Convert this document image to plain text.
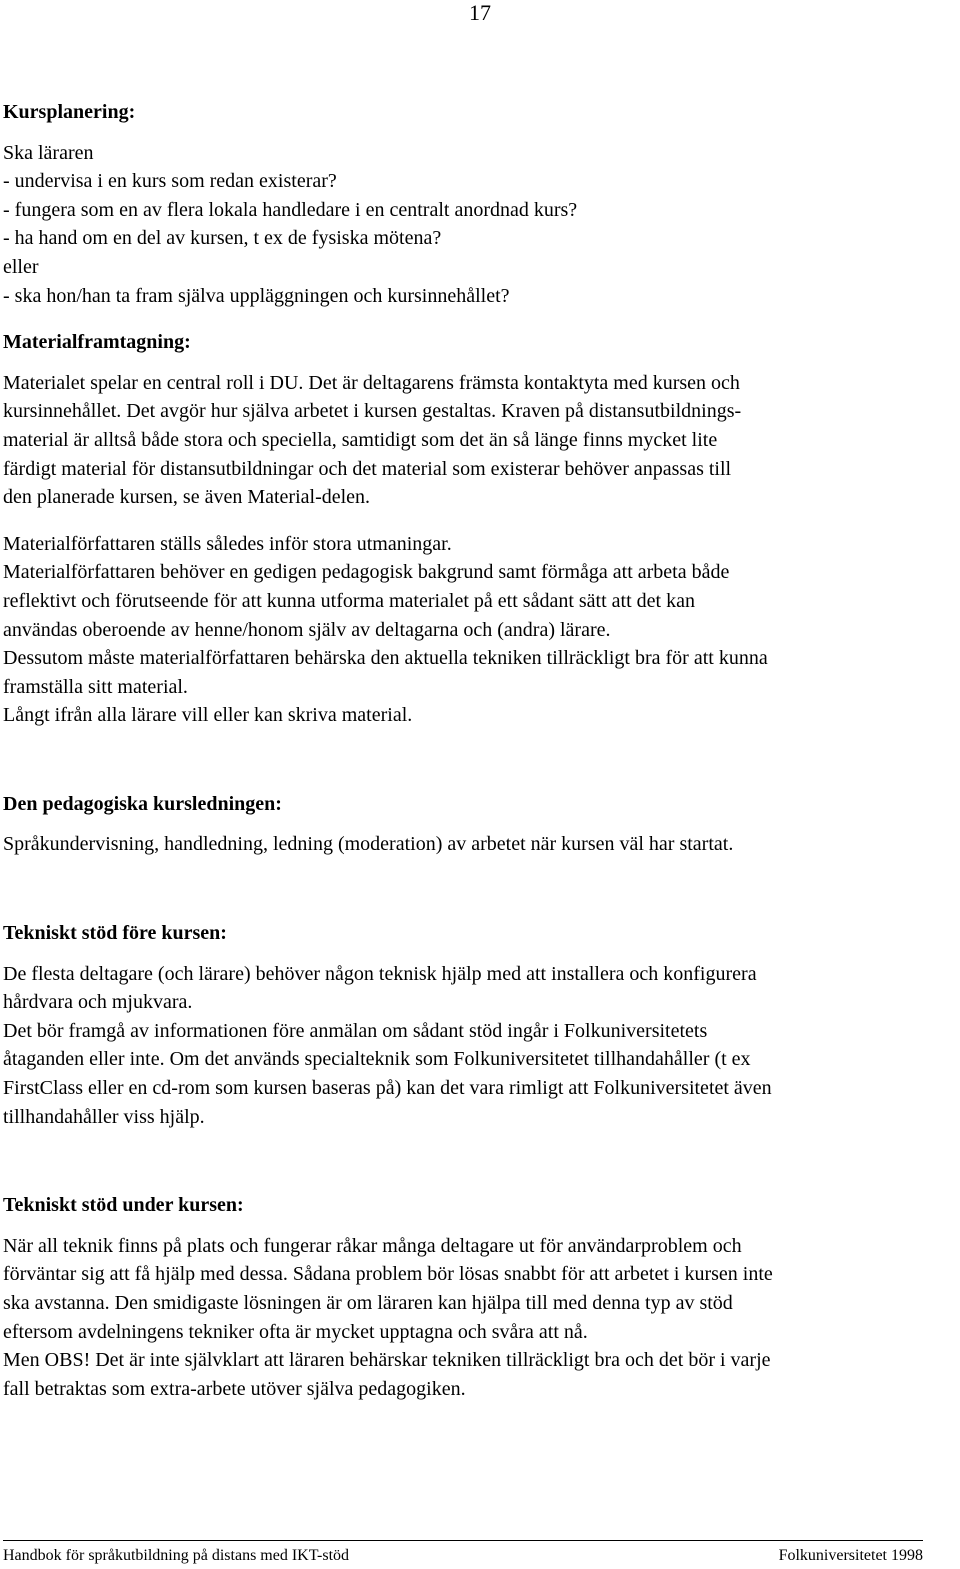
17

Kursplanering:

Ska läraren

- undervisa i en kurs som redan existerar?

- fungera som en av flera lokala handledare i en centralt anordnad kurs?

- ha hand om en del av kursen, t ex de fysiska mötena?

eller

- ska hon/han ta fram själva uppläggningen och kursinnehållet?

Materialframtagning:

Materialet spelar en central roll i DU. Det är deltagarens främsta kontaktyta med kursen och

kursinnehållet. Det avgör hur själva arbetet i kursen gestaltas. Kraven på distansutbildnings-

material är alltså både stora och speciella, samtidigt som det än så länge finns mycket lite

färdigt material för distansutbildningar och det material som existerar behöver anpassas till

den planerade kursen, se även Material-delen.

Materialförfattaren ställs således inför stora utmaningar.

Materialförfattaren behöver en gedigen pedagogisk bakgrund samt förmåga att arbeta både

reflektivt och förutseende för att kunna utforma materialet på ett sådant sätt att det kan

användas oberoende av henne/honom själv av deltagarna och (andra) lärare.

Dessutom måste materialförfattaren behärska den aktuella tekniken tillräckligt bra för att kunna

framställa sitt material.

Långt ifrån alla lärare vill eller kan skriva material.

Den pedagogiska kursledningen:

Språkundervisning, handledning, ledning (moderation) av arbetet när kursen väl har startat.

Tekniskt stöd före kursen:

De flesta deltagare (och lärare) behöver någon teknisk hjälp med att installera och konfigurera

hårdvara och mjukvara.

Det bör framgå av informationen före anmälan om sådant stöd ingår i Folkuniversitetets

åtaganden eller inte. Om det används specialteknik som Folkuniversitetet tillhandahåller (t ex

FirstClass eller en cd-rom som kursen baseras på) kan det vara rimligt att Folkuniversitetet även

tillhandahåller viss hjälp.

Tekniskt stöd under kursen:

När all teknik finns på plats och fungerar råkar många deltagare ut för användarproblem och

förväntar sig att få hjälp med dessa. Sådana problem bör lösas snabbt för att arbetet i kursen inte

ska avstanna. Den smidigaste lösningen är om läraren kan hjälpa till med denna typ av stöd

eftersom avdelningens tekniker ofta är mycket upptagna och svåra att nå.

Men OBS! Det är inte självklart att läraren behärskar tekniken tillräckligt bra och det bör i varje

fall betraktas som extra-arbete utöver själva pedagogiken.

Handbok för språkutbildning på distans med IKT-stöd	Folkuniversitetet 1998
